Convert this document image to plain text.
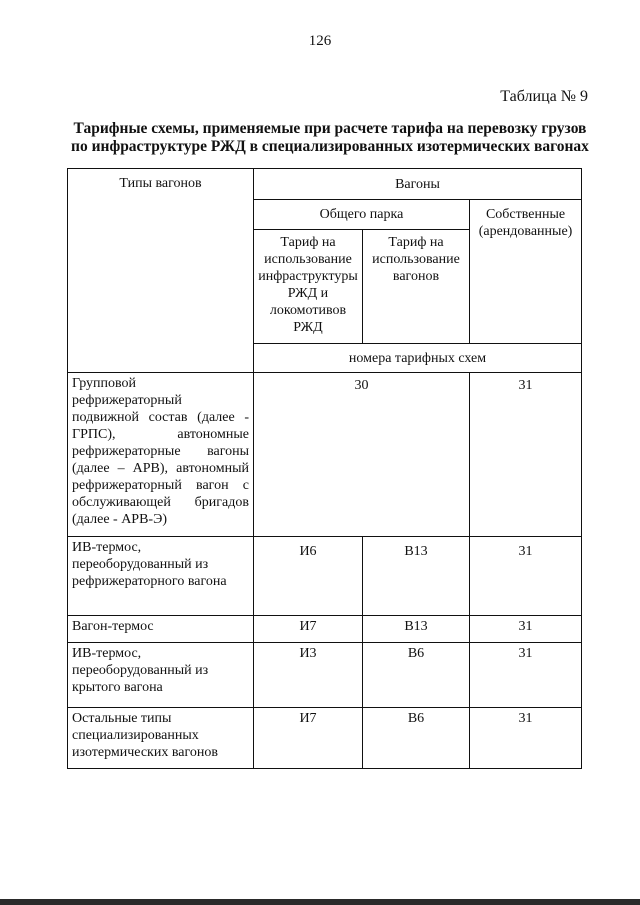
126
Таблица № 9
Тарифные схемы, применяемые при расчете тарифа на перевозку грузов
по инфраструктуре РЖД в специализированных изотермических вагонах
Типы вагонов	Вагоны		
	Общего парка		Собственные (арендованные)
	Тариф на использование инфраструктуры РЖД и локомотивов РЖД	Тариф на использование вагонов	
	номера тарифных схем		
Групповой рефрижераторный подвижной состав (далее - ГРПС), автономные рефрижераторные вагоны (далее – АРВ), автономный рефрижераторный вагон с обслуживающей бригадов (далее - АРВ-Э)	30		31
ИВ-термос, переоборудованный из рефрижераторного вагона	И6	В13	31
Вагон-термос	И7	В13	31
ИВ-термос, переоборудованный из крытого вагона	И3	В6	31
Остальные типы специализированных изотермических вагонов	И7	В6	31
